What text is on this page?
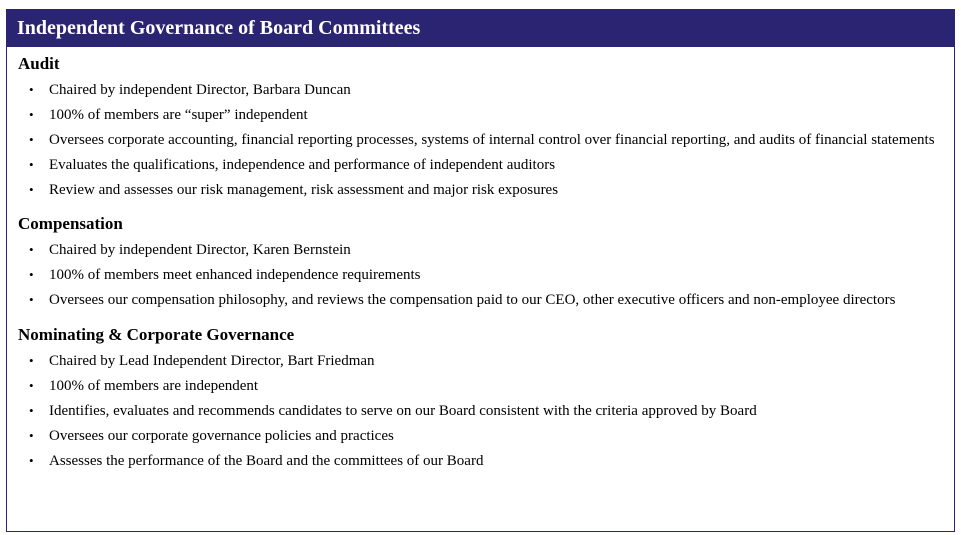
Independent Governance of Board Committees
Audit
•	Chaired by independent Director, Barbara Duncan
•	100% of members are “super” independent
•	Oversees corporate accounting, financial reporting processes, systems of internal control over financial reporting, and audits of financial statements
•	Evaluates the qualifications, independence and performance of independent auditors
•	Review and assesses our risk management, risk assessment and major risk exposures
Compensation
•	Chaired by independent Director, Karen Bernstein
•	100% of members meet enhanced independence requirements
•	Oversees our compensation philosophy, and reviews the compensation paid to our CEO, other executive officers and non-employee directors
Nominating & Corporate Governance
•	Chaired by Lead Independent Director, Bart Friedman
•	100% of members are independent
•	Identifies, evaluates and recommends candidates to serve on our Board consistent with the criteria approved by Board
•	Oversees our corporate governance policies and practices
•	Assesses the performance of the Board and the committees of our Board
